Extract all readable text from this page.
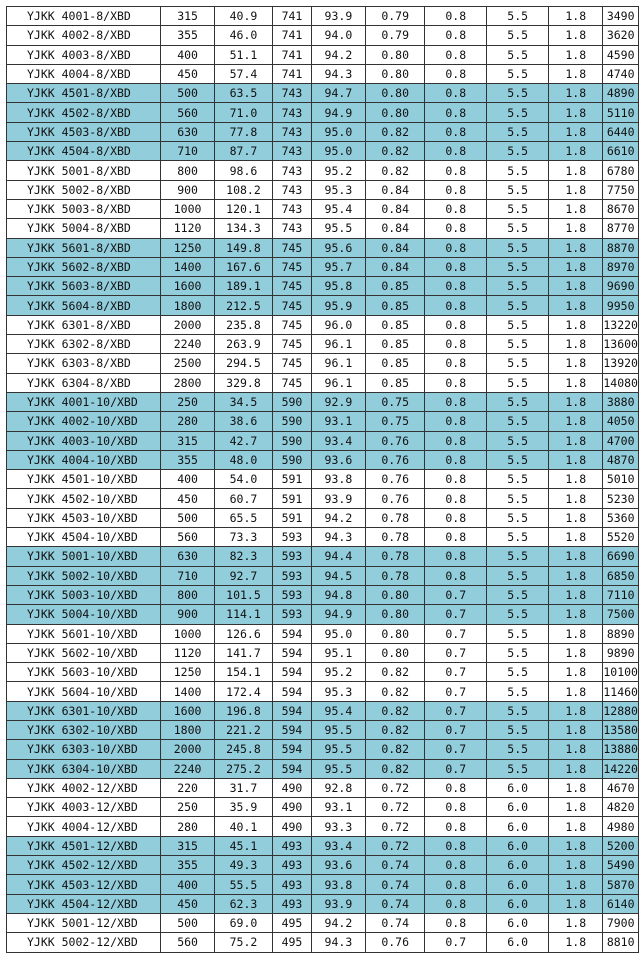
YJKK 4001-8/XBD	315	40.9	741	93.9	0.79	0.8	5.5	1.8	3490
YJKK 4002-8/XBD	355	46.0	741	94.0	0.79	0.8	5.5	1.8	3620
YJKK 4003-8/XBD	400	51.1	741	94.2	0.80	0.8	5.5	1.8	4590
YJKK 4004-8/XBD	450	57.4	741	94.3	0.80	0.8	5.5	1.8	4740
YJKK 4501-8/XBD	500	63.5	743	94.7	0.80	0.8	5.5	1.8	4890
YJKK 4502-8/XBD	560	71.0	743	94.9	0.80	0.8	5.5	1.8	5110
YJKK 4503-8/XBD	630	77.8	743	95.0	0.82	0.8	5.5	1.8	6440
YJKK 4504-8/XBD	710	87.7	743	95.0	0.82	0.8	5.5	1.8	6610
YJKK 5001-8/XBD	800	98.6	743	95.2	0.82	0.8	5.5	1.8	6780
YJKK 5002-8/XBD	900	108.2	743	95.3	0.84	0.8	5.5	1.8	7750
YJKK 5003-8/XBD	1000	120.1	743	95.4	0.84	0.8	5.5	1.8	8670
YJKK 5004-8/XBD	1120	134.3	743	95.5	0.84	0.8	5.5	1.8	8770
YJKK 5601-8/XBD	1250	149.8	745	95.6	0.84	0.8	5.5	1.8	8870
YJKK 5602-8/XBD	1400	167.6	745	95.7	0.84	0.8	5.5	1.8	8970
YJKK 5603-8/XBD	1600	189.1	745	95.8	0.85	0.8	5.5	1.8	9690
YJKK 5604-8/XBD	1800	212.5	745	95.9	0.85	0.8	5.5	1.8	9950
YJKK 6301-8/XBD	2000	235.8	745	96.0	0.85	0.8	5.5	1.8	13220
YJKK 6302-8/XBD	2240	263.9	745	96.1	0.85	0.8	5.5	1.8	13600
YJKK 6303-8/XBD	2500	294.5	745	96.1	0.85	0.8	5.5	1.8	13920
YJKK 6304-8/XBD	2800	329.8	745	96.1	0.85	0.8	5.5	1.8	14080
YJKK 4001-10/XBD	250	34.5	590	92.9	0.75	0.8	5.5	1.8	3880
YJKK 4002-10/XBD	280	38.6	590	93.1	0.75	0.8	5.5	1.8	4050
YJKK 4003-10/XBD	315	42.7	590	93.4	0.76	0.8	5.5	1.8	4700
YJKK 4004-10/XBD	355	48.0	590	93.6	0.76	0.8	5.5	1.8	4870
YJKK 4501-10/XBD	400	54.0	591	93.8	0.76	0.8	5.5	1.8	5010
YJKK 4502-10/XBD	450	60.7	591	93.9	0.76	0.8	5.5	1.8	5230
YJKK 4503-10/XBD	500	65.5	591	94.2	0.78	0.8	5.5	1.8	5360
YJKK 4504-10/XBD	560	73.3	593	94.3	0.78	0.8	5.5	1.8	5520
YJKK 5001-10/XBD	630	82.3	593	94.4	0.78	0.8	5.5	1.8	6690
YJKK 5002-10/XBD	710	92.7	593	94.5	0.78	0.8	5.5	1.8	6850
YJKK 5003-10/XBD	800	101.5	593	94.8	0.80	0.7	5.5	1.8	7110
YJKK 5004-10/XBD	900	114.1	593	94.9	0.80	0.7	5.5	1.8	7500
YJKK 5601-10/XBD	1000	126.6	594	95.0	0.80	0.7	5.5	1.8	8890
YJKK 5602-10/XBD	1120	141.7	594	95.1	0.80	0.7	5.5	1.8	9890
YJKK 5603-10/XBD	1250	154.1	594	95.2	0.82	0.7	5.5	1.8	10100
YJKK 5604-10/XBD	1400	172.4	594	95.3	0.82	0.7	5.5	1.8	11460
YJKK 6301-10/XBD	1600	196.8	594	95.4	0.82	0.7	5.5	1.8	12880
YJKK 6302-10/XBD	1800	221.2	594	95.5	0.82	0.7	5.5	1.8	13580
YJKK 6303-10/XBD	2000	245.8	594	95.5	0.82	0.7	5.5	1.8	13880
YJKK 6304-10/XBD	2240	275.2	594	95.5	0.82	0.7	5.5	1.8	14220
YJKK 4002-12/XBD	220	31.7	490	92.8	0.72	0.8	6.0	1.8	4670
YJKK 4003-12/XBD	250	35.9	490	93.1	0.72	0.8	6.0	1.8	4820
YJKK 4004-12/XBD	280	40.1	490	93.3	0.72	0.8	6.0	1.8	4980
YJKK 4501-12/XBD	315	45.1	493	93.4	0.72	0.8	6.0	1.8	5200
YJKK 4502-12/XBD	355	49.3	493	93.6	0.74	0.8	6.0	1.8	5490
YJKK 4503-12/XBD	400	55.5	493	93.8	0.74	0.8	6.0	1.8	5870
YJKK 4504-12/XBD	450	62.3	493	93.9	0.74	0.8	6.0	1.8	6140
YJKK 5001-12/XBD	500	69.0	495	94.2	0.74	0.8	6.0	1.8	7900
YJKK 5002-12/XBD	560	75.2	495	94.3	0.76	0.7	6.0	1.8	8810
